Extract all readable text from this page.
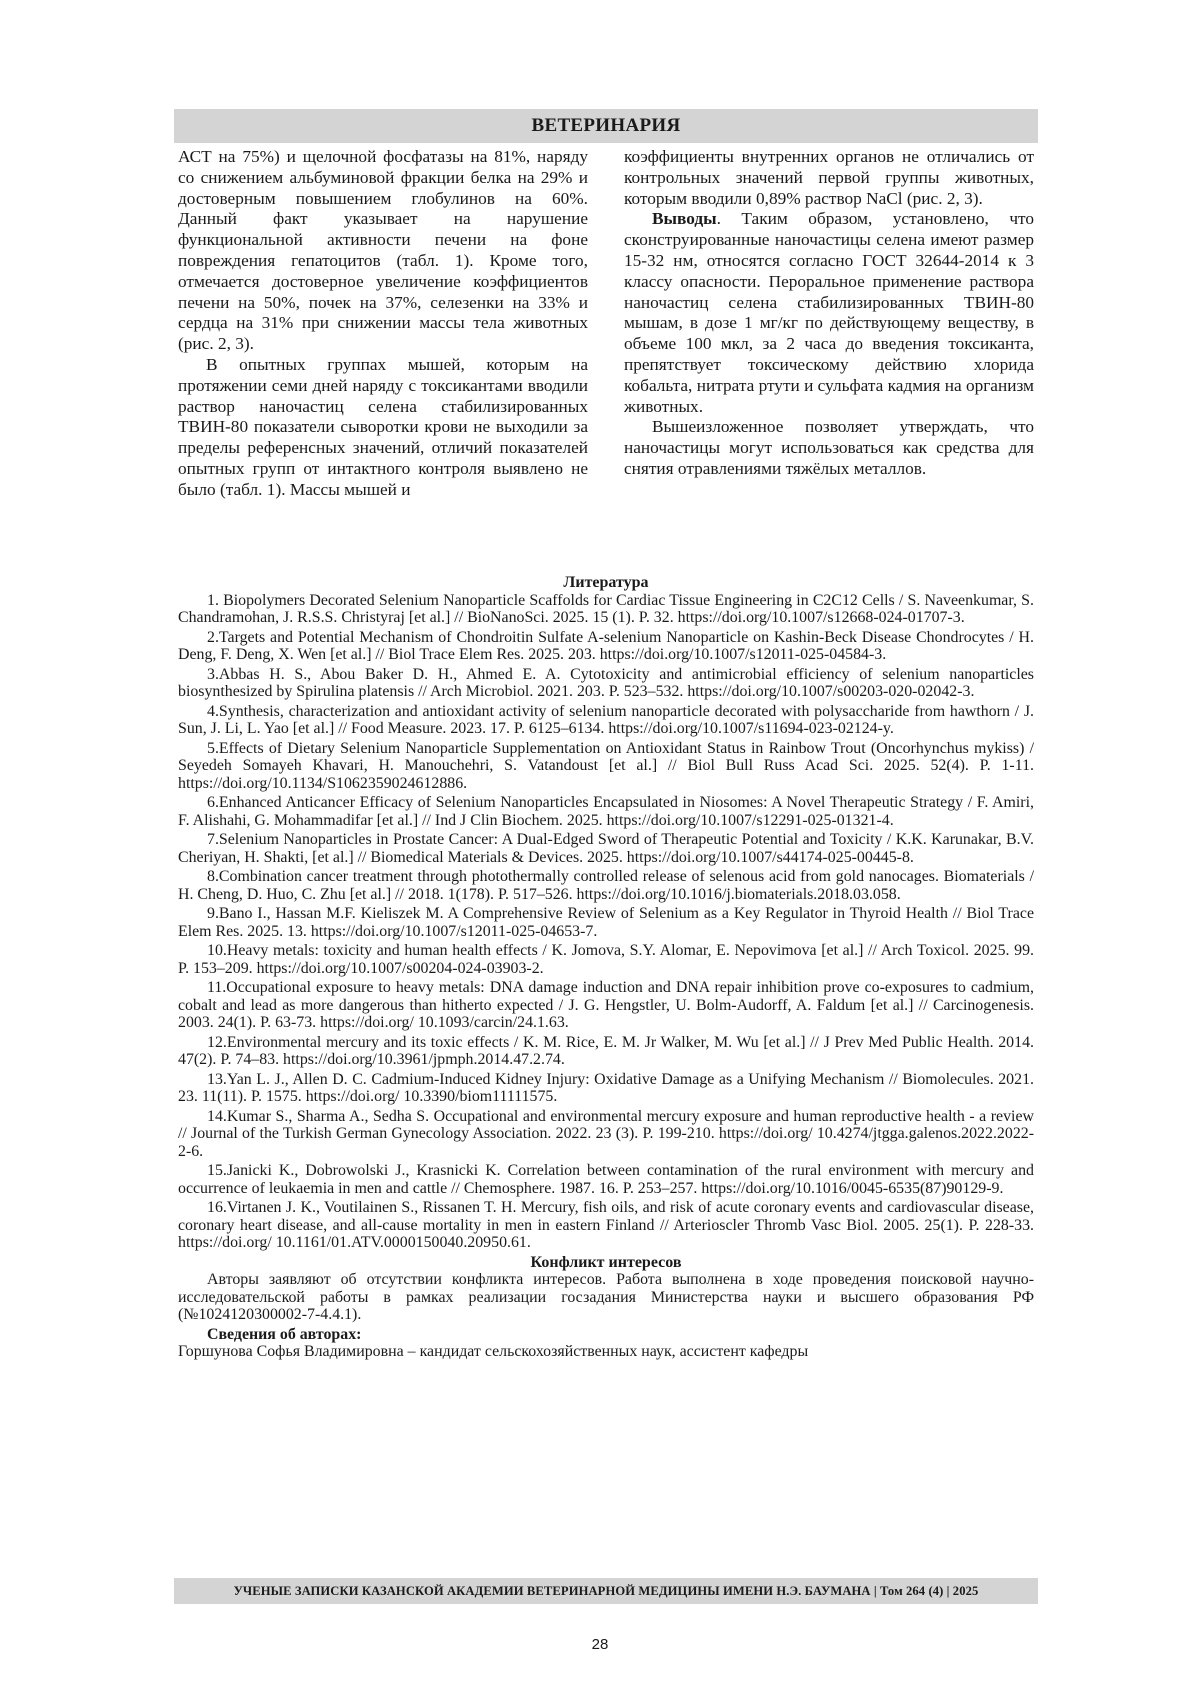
ВЕТЕРИНАРИЯ

АСТ на 75%) и щелочной фосфатазы на 81%, наряду со снижением альбуминовой фракции белка на 29% и достоверным повышением глобулинов на 60%. Данный факт указывает на нарушение функциональной активности печени на фоне повреждения гепатоцитов (табл. 1). Кроме того, отмечается достоверное увеличение коэффициентов печени на 50%, почек на 37%, селезенки на 33% и сердца на 31% при снижении массы тела животных (рис. 2, 3).

В опытных группах мышей, которым на протяжении семи дней наряду с токсикантами вводили раствор наночастиц селена стабилизированных ТВИН-80 показатели сыворотки крови не выходили за пределы референсных значений, отличий показателей опытных групп от интактного контроля выявлено не было (табл. 1). Массы мышей и

коэффициенты внутренних органов не отличались от контрольных значений первой группы животных, которым вводили 0,89% раствор NaCl (рис. 2, 3).

Выводы. Таким образом, установлено, что сконструированные наночастицы селена имеют размер 15-32 нм, относятся согласно ГОСТ 32644-2014 к 3 классу опасности. Пероральное применение раствора наночастиц селена стабилизированных ТВИН-80 мышам, в дозе 1 мг/кг по действующему веществу, в объеме 100 мкл, за 2 часа до введения токсиканта, препятствует токсическому действию хлорида кобальта, нитрата ртути и сульфата кадмия на организм животных.

Вышеизложенное позволяет утверждать, что наночастицы могут использоваться как средства для снятия отравлениями тяжёлых металлов.

Литература

1. Biopolymers Decorated Selenium Nanoparticle Scaffolds for Cardiac Tissue Engineering in C2C12 Cells / S. Naveenkumar, S. Chandramohan, J. R.S.S. Christyraj [et al.] // BioNanoSci. 2025. 15 (1). P. 32. https://doi.org/10.1007/s12668-024-01707-3.

2.Targets and Potential Mechanism of Chondroitin Sulfate A-selenium Nanoparticle on Kashin-Beck Disease Chondrocytes / H. Deng, F. Deng, X. Wen [et al.] // Biol Trace Elem Res. 2025. 203. https://doi.org/10.1007/s12011-025-04584-3.

3.Abbas H. S., Abou Baker D. H., Ahmed E. A. Cytotoxicity and antimicrobial efficiency of selenium nanoparticles biosynthesized by Spirulina platensis // Arch Microbiol. 2021. 203. P. 523–532. https://doi.org/10.1007/s00203-020-02042-3.

4.Synthesis, characterization and antioxidant activity of selenium nanoparticle decorated with polysaccharide from hawthorn / J. Sun, J. Li, L. Yao [et al.] // Food Measure. 2023. 17. P. 6125–6134. https://doi.org/10.1007/s11694-023-02124-y.

5.Effects of Dietary Selenium Nanoparticle Supplementation on Antioxidant Status in Rainbow Trout (Oncorhynchus mykiss) / Seyedeh Somayeh Khavari, H. Manouchehri, S. Vatandoust [et al.] // Biol Bull Russ Acad Sci. 2025. 52(4). P. 1-11. https://doi.org/10.1134/S1062359024612886.

6.Enhanced Anticancer Efficacy of Selenium Nanoparticles Encapsulated in Niosomes: A Novel Therapeutic Strategy / F. Amiri, F. Alishahi, G. Mohammadifar [et al.] // Ind J Clin Biochem. 2025. https://doi.org/10.1007/s12291-025-01321-4.

7.Selenium Nanoparticles in Prostate Cancer: A Dual-Edged Sword of Therapeutic Potential and Toxicity / K.K. Karunakar, B.V. Cheriyan, H. Shakti, [et al.] // Biomedical Materials & Devices. 2025. https://doi.org/10.1007/s44174-025-00445-8.

8.Combination cancer treatment through photothermally controlled release of selenous acid from gold nanocages. Biomaterials / H. Cheng, D. Huo, C. Zhu [et al.] // 2018. 1(178). P. 517–526. https://doi.org/10.1016/j.biomaterials.2018.03.058.

9.Bano I., Hassan M.F. Kieliszek M. A Comprehensive Review of Selenium as a Key Regulator in Thyroid Health // Biol Trace Elem Res. 2025. 13. https://doi.org/10.1007/s12011-025-04653-7.

10.Heavy metals: toxicity and human health effects / K. Jomova, S.Y. Alomar, E. Nepovimova [et al.] // Arch Toxicol. 2025. 99. P. 153–209. https://doi.org/10.1007/s00204-024-03903-2.

11.Occupational exposure to heavy metals: DNA damage induction and DNA repair inhibition prove co-exposures to cadmium, cobalt and lead as more dangerous than hitherto expected / J. G. Hengstler, U. Bolm-Audorff, A. Faldum [et al.] // Carcinogenesis. 2003. 24(1). P. 63-73. https://doi.org/ 10.1093/carcin/24.1.63.

12.Environmental mercury and its toxic effects / K. M. Rice, E. M. Jr Walker, M. Wu [et al.] // J Prev Med Public Health. 2014. 47(2). P. 74–83. https://doi.org/10.3961/jpmph.2014.47.2.74.

13.Yan L. J., Allen D. C. Cadmium-Induced Kidney Injury: Oxidative Damage as a Unifying Mechanism // Biomolecules. 2021. 23. 11(11). P. 1575. https://doi.org/ 10.3390/biom11111575.

14.Kumar S., Sharma A., Sedha S. Occupational and environmental mercury exposure and human reproductive health - a review // Journal of the Turkish German Gynecology Association. 2022. 23 (3). P. 199-210. https://doi.org/ 10.4274/jtgga.galenos.2022.2022-2-6.

15.Janicki K., Dobrowolski J., Krasnicki K. Correlation between contamination of the rural environment with mercury and occurrence of leukaemia in men and cattle // Chemosphere. 1987. 16. P. 253–257. https://doi.org/10.1016/0045-6535(87)90129-9.

16.Virtanen J. K., Voutilainen S., Rissanen T. H. Mercury, fish oils, and risk of acute coronary events and cardiovascular disease, coronary heart disease, and all-cause mortality in men in eastern Finland // Arterioscler Thromb Vasc Biol. 2005. 25(1). P. 228-33. https://doi.org/ 10.1161/01.ATV.0000150040.20950.61.

Конфликт интересов

Авторы заявляют об отсутствии конфликта интересов. Работа выполнена в ходе проведения поисковой научно-исследовательской работы в рамках реализации госзадания Министерства науки и высшего образования РФ (№1024120300002-7-4.4.1).

Сведения об авторах:

Горшунова Софья Владимировна – кандидат сельскохозяйственных наук, ассистент кафедры

УЧЕНЫЕ ЗАПИСКИ КАЗАНСКОЙ АКАДЕМИИ ВЕТЕРИНАРНОЙ МЕДИЦИНЫ ИМЕНИ Н.Э. БАУМАНА | Том 264 (4) | 2025
28
